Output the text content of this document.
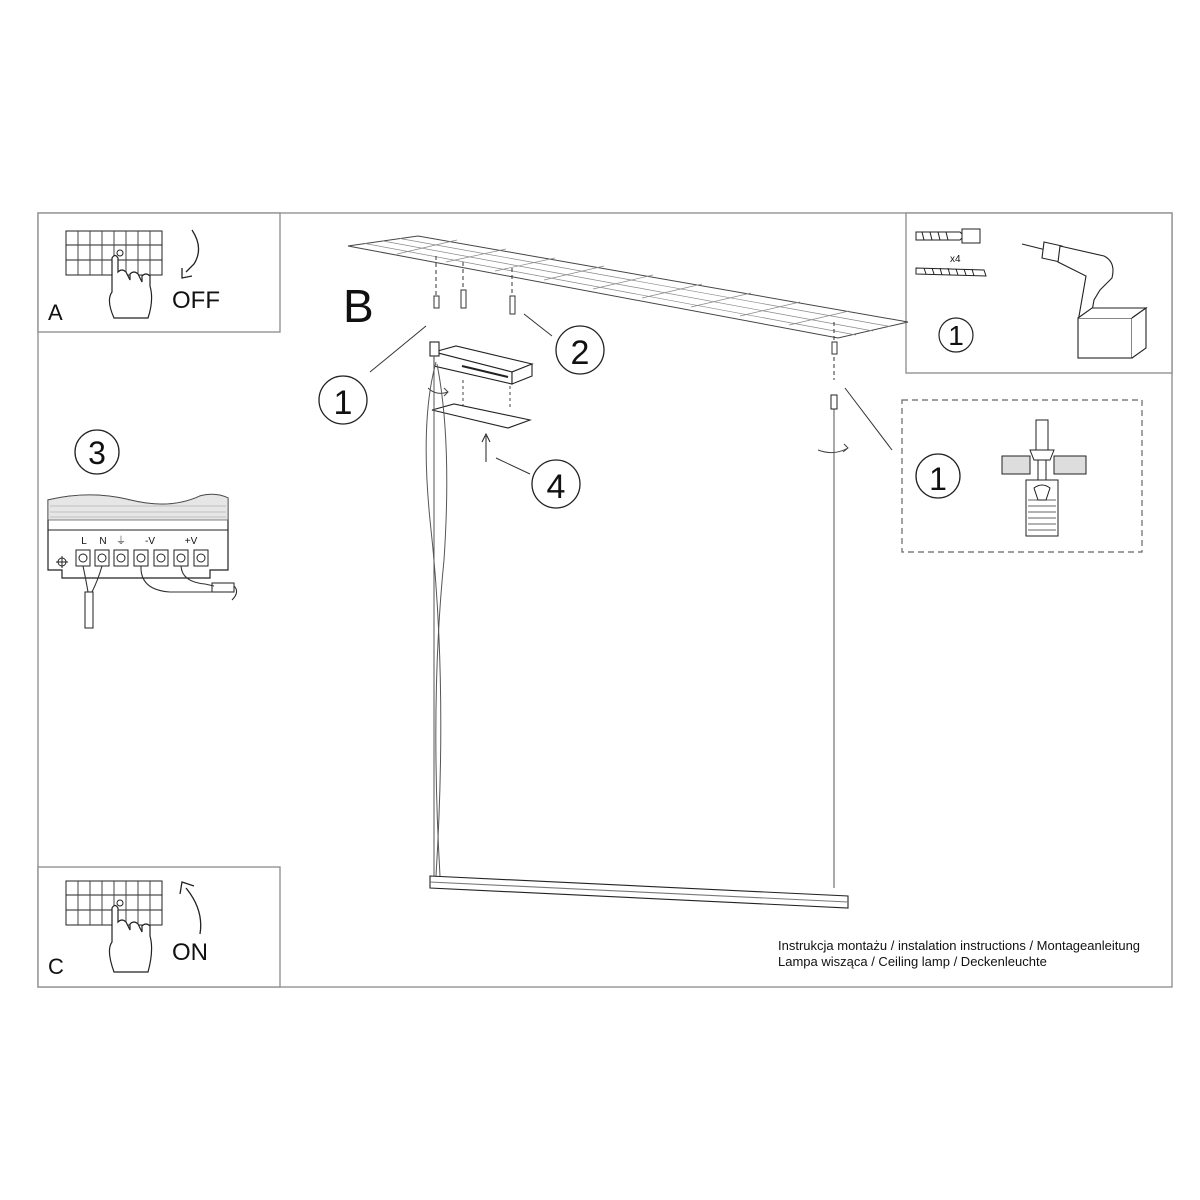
A	OFF
C
ON
3
L N ⏚ -V	+V
x4
1
1
B
1
2
4
Instrukcja montażu / instalation instructions / Montageanleitung
Lampa wisząca / Ceiling lamp / Deckenleuchte
